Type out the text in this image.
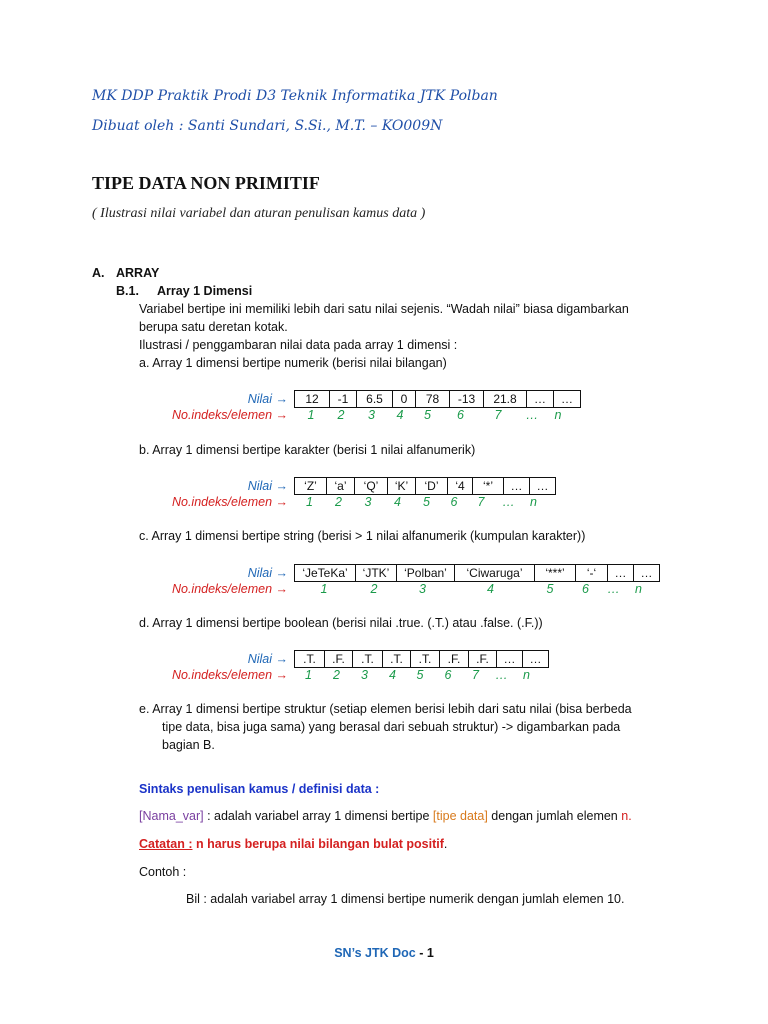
MK DDP Praktik Prodi D3 Teknik Informatika JTK Polban
Dibuat oleh : Santi Sundari, S.Si., M.T. – KO009N
TIPE DATA NON PRIMITIF
( Ilustrasi nilai variabel dan aturan penulisan kamus data )
A. ARRAY
B.1. Array 1 Dimensi
Variabel bertipe ini memiliki lebih dari satu nilai sejenis. “Wadah nilai” biasa digambarkan
berupa satu deretan kotak.
Ilustrasi / penggambaran nilai data pada array 1 dimensi :
a. Array 1 dimensi bertipe numerik (berisi nilai bilangan)
Nilai →	12	-1	6.5	0	78	-13	21.8	…	…
No.indeks/elemen →	1	2	3	4	5	6	7	…	n
b. Array 1 dimensi bertipe karakter (berisi 1 nilai alfanumerik)
Nilai →	‘Z’	‘a’	‘Q’	‘K’	‘D’	‘4	‘*’	…	…
No.indeks/elemen →	1	2	3	4	5	6	7	…	n
c. Array 1 dimensi bertipe string (berisi > 1 nilai alfanumerik (kumpulan karakter))
Nilai →	‘JeTeKa’	‘JTK’	‘Polban’	‘Ciwaruga’	‘***’	‘-‘	…	…
No.indeks/elemen →	1	2	3	4	5	6	…	n
d. Array 1 dimensi bertipe boolean (berisi nilai .true. (.T.) atau .false. (.F.))
Nilai →	.T.	.F.	.T.	.T.	.T.	.F.	.F.	…	…
No.indeks/elemen →	1	2	3	4	5	6	7	…	n
e. Array 1 dimensi bertipe struktur (setiap elemen berisi lebih dari satu nilai (bisa berbeda
tipe data, bisa juga sama) yang berasal dari sebuah struktur) -> digambarkan pada
bagian B.
Sintaks penulisan kamus / definisi data :
[Nama_var] : adalah variabel array 1 dimensi bertipe [tipe data] dengan jumlah elemen n.
Catatan : n harus berupa nilai bilangan bulat positif.
Contoh :
Bil : adalah variabel array 1 dimensi bertipe numerik dengan jumlah elemen 10.
SN’s JTK Doc - 1
